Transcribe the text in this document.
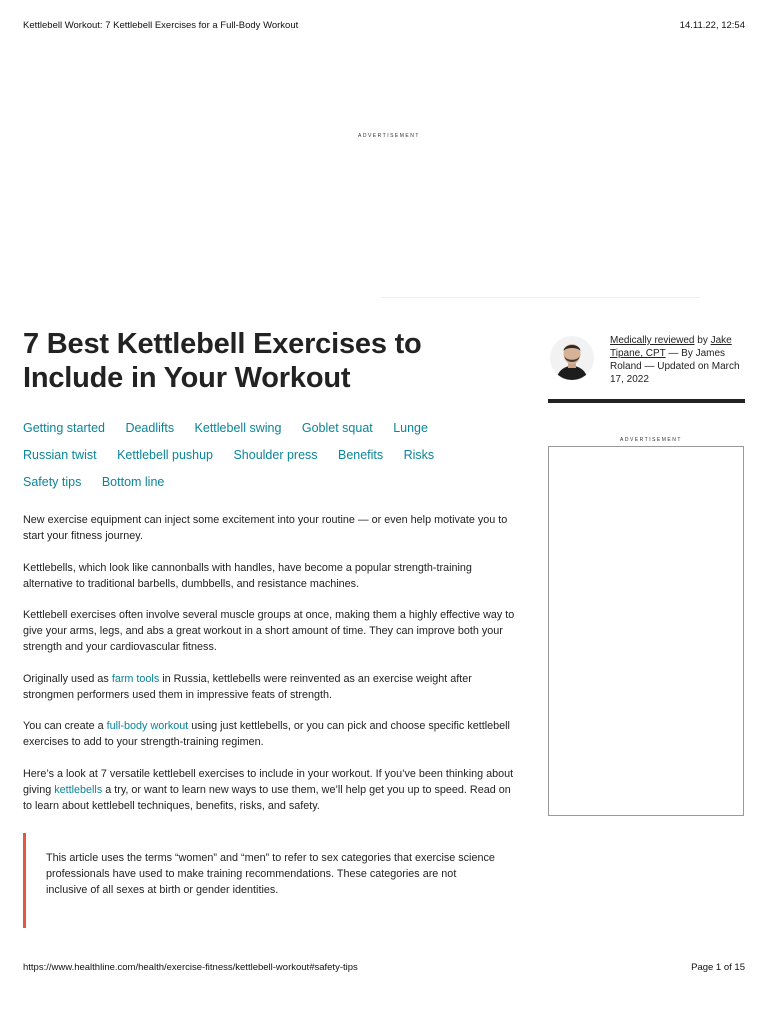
Kettlebell Workout: 7 Kettlebell Exercises for a Full-Body Workout	14.11.22, 12:54
ADVERTISEMENT
7 Best Kettlebell Exercises to Include in Your Workout
Getting started Deadlifts Kettlebell swing Goblet squat Lunge
Russian twist Kettlebell pushup Shoulder press Benefits Risks
Safety tips Bottom line

New exercise equipment can inject some excitement into your routine — or even help motivate you to start your fitness journey.

Kettlebells, which look like cannonballs with handles, have become a popular strength-training alternative to traditional barbells, dumbbells, and resistance machines.

Kettlebell exercises often involve several muscle groups at once, making them a highly effective way to give your arms, legs, and abs a great workout in a short amount of time. They can improve both your strength and your cardiovascular fitness.

Originally used as farm tools in Russia, kettlebells were reinvented as an exercise weight after strongmen performers used them in impressive feats of strength.

You can create a full-body workout using just kettlebells, or you can pick and choose specific kettlebell exercises to add to your strength-training regimen.

Here’s a look at 7 versatile kettlebell exercises to include in your workout. If you’ve been thinking about giving kettlebells a try, or want to learn new ways to use them, we’ll help get you up to speed. Read on to learn about kettlebell techniques, benefits, risks, and safety.

This article uses the terms “women” and “men” to refer to sex categories that exercise science professionals have used to make training recommendations. These categories are not inclusive of all sexes at birth or gender identities.

Medically reviewed by Jake Tipane, CPT — By James Roland — Updated on March 17, 2022
ADVERTISEMENT
https://www.healthline.com/health/exercise-fitness/kettlebell-workout#safety-tips	Page 1 of 15
